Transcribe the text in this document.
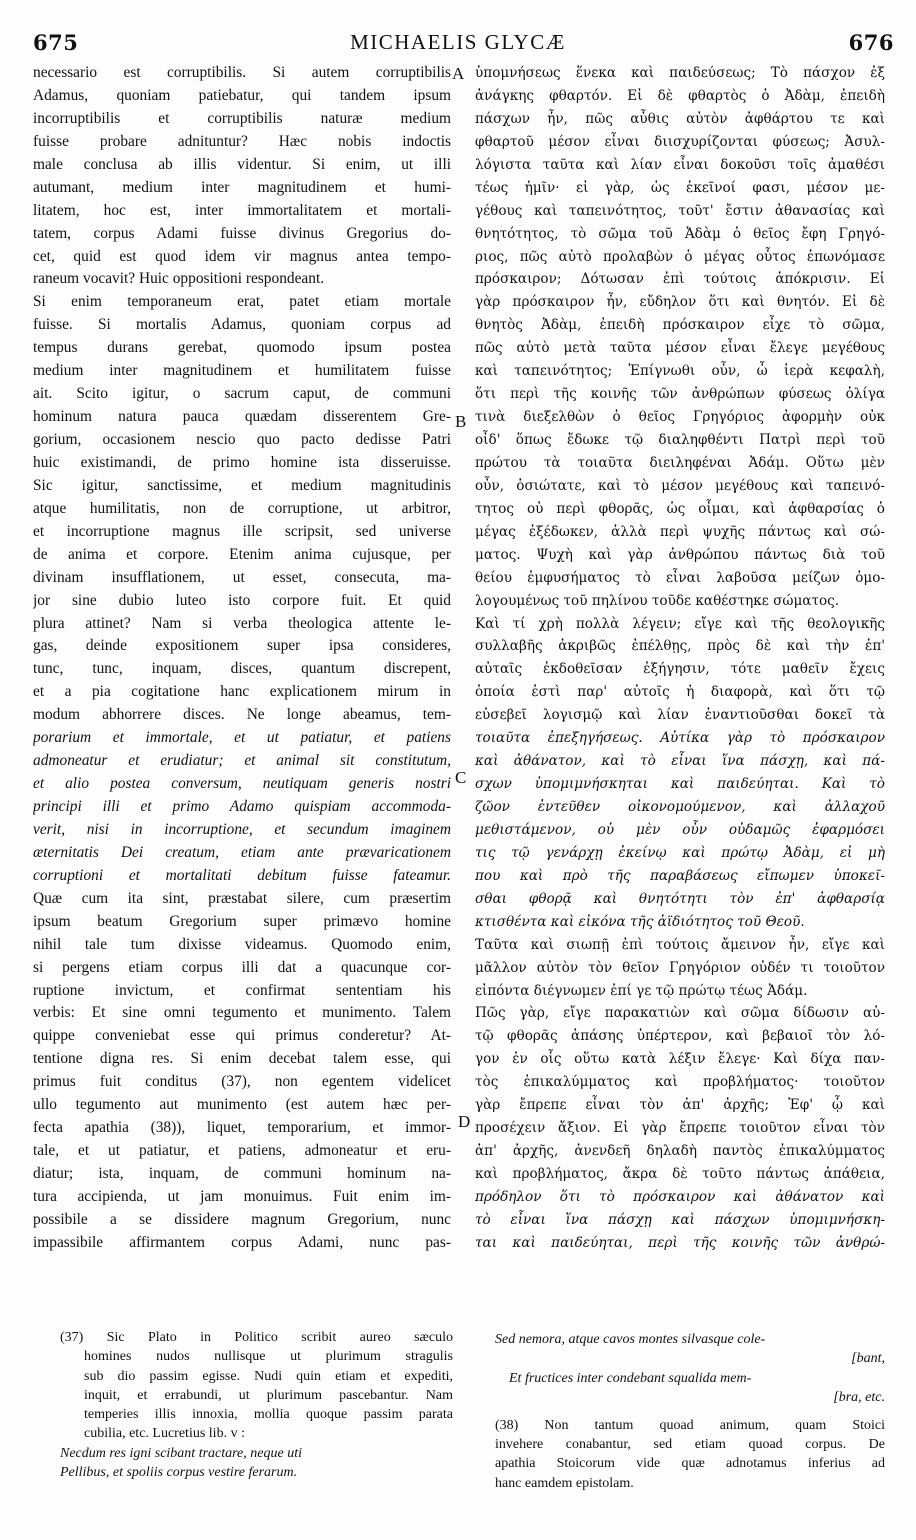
675	MICHAELIS GLYCÆ	676
necessario est corruptibilis. Si autem corruptibilis
Adamus, quoniam patiebatur, qui tandem ipsum
incorruptibilis et corruptibilis naturæ medium
fuisse probare adnituntur? Hæc nobis indoctis
male conclusa ab illis videntur. Si enim, ut illi
autumant, medium inter magnitudinem et humi-
litatem, hoc est, inter immortalitatem et mortali-
tatem, corpus Adami fuisse divinus Gregorius do-
cet, quid est quod idem vir magnus antea tempo-
raneum vocavit? Huic oppositioni respondeant.
Si enim temporaneum erat, patet etiam mortale
fuisse. Si mortalis Adamus, quoniam corpus ad
tempus durans gerebat, quomodo ipsum postea
medium inter magnitudinem et humilitatem fuisse
ait. Scito igitur, o sacrum caput, de communi
hominum natura pauca quædam disserentem Gre-
gorium, occasionem nescio quo pacto dedisse Patri
huic existimandi, de primo homine ista disseruisse.
Sic igitur, sanctissime, et medium magnitudinis
atque humilitatis, non de corruptione, ut arbitror,
et incorruptione magnus ille scripsit, sed universe
de anima et corpore. Etenim anima cujusque, per
divinam insufflationem, ut esset, consecuta, ma-
jor sine dubio luteo isto corpore fuit. Et quid
plura attinet? Nam si verba theologica attente le-
gas, deinde expositionem super ipsa consideres,
tunc, tunc, inquam, disces, quantum discrepent,
et a pia cogitatione hanc explicationem mirum in
modum abhorrere disces. Ne longe abeamus, tem-
porarium et immortale, et ut patiatur, et patiens
admoneatur et erudiatur; et animal sit constitutum,
et alio postea conversum, neutiquam generis nostri
principi illi et primo Adamo quispiam accommoda-
verit, nisi in incorruptione, et secundum imaginem
æternitatis Dei creatum, etiam ante prævaricationem
corruptioni et mortalitati debitum fuisse fateamur.
Quæ cum ita sint, præstabat silere, cum præsertim
ipsum beatum Gregorium super primævo homine
nihil tale tum dixisse videamus. Quomodo enim,
si pergens etiam corpus illi dat a quacunque cor-
ruptione invictum, et confirmat sententiam his
verbis: Et sine omni tegumento et munimento. Talem
quippe conveniebat esse qui primus conderetur? At-
tentione digna res. Si enim decebat talem esse, qui
primus fuit conditus (37), non egentem videlicet
ullo tegumento aut munimento (est autem hæc per-
fecta apathia (38)), liquet, temporarium, et immor-
tale, et ut patiatur, et patiens, admoneatur et eru-
diatur; ista, inquam, de communi hominum na-
tura accipienda, ut jam monuimus. Fuit enim im-
possibile a se dissidere magnum Gregorium, nunc
impassibile affirmantem corpus Adami, nunc pas-
ὑπομνήσεως ἕνεκα καὶ παιδεύσεως; Τὸ πάσχον ἐξ
ἀνάγκης φθαρτόν. Εἰ δὲ φθαρτὸς ὁ Ἀδὰμ, ἐπειδὴ
πάσχων ἦν, πῶς αὖθις αὐτὸν ἀφθάρτου τε καὶ
φθαρτοῦ μέσον εἶναι διισχυρίζονται φύσεως; Ἀσυλ-
λόγιστα ταῦτα καὶ λίαν εἶναι δοκοῦσι τοῖς ἀμαθέσι
τέως ἡμῖν· εἰ γὰρ, ὡς ἐκεῖνοί φασι, μέσον με-
γέθους καὶ ταπεινότητος, τοῦτ' ἔστιν ἀθανασίας καὶ
θνητότητος, τὸ σῶμα τοῦ Ἀδὰμ ὁ θεῖος ἔφη Γρηγό-
ριος, πῶς αὐτὸ προλαβὼν ὁ μέγας οὗτος ἐπωνόμασε
πρόσκαιρον; Δότωσαν ἐπὶ τούτοις ἀπόκρισιν. Εἰ
γὰρ πρόσκαιρον ἦν, εὔδηλον ὅτι καὶ θνητόν. Εἰ δὲ
θνητὸς Ἀδὰμ, ἐπειδὴ πρόσκαιρον εἶχε τὸ σῶμα,
πῶς αὐτὸ μετὰ ταῦτα μέσον εἶναι ἔλεγε μεγέθους
καὶ ταπεινότητος; Ἐπίγνωθι οὖν, ὦ ἱερὰ κεφαλὴ,
ὅτι περὶ τῆς κοινῆς τῶν ἀνθρώπων φύσεως ὀλίγα
τινὰ διεξελθὼν ὁ θεῖος Γρηγόριος ἀφορμὴν οὐκ
οἶδ' ὅπως ἔδωκε τῷ διαληφθέντι Πατρὶ περὶ τοῦ
πρώτου τὰ τοιαῦτα διειληφέναι Ἀδάμ. Οὕτω μὲν
οὖν, ὁσιώτατε, καὶ τὸ μέσον μεγέθους καὶ ταπεινό-
τητος οὐ περὶ φθορᾶς, ὡς οἶμαι, καὶ ἀφθαρσίας ὁ
μέγας ἐξέδωκεν, ἀλλὰ περὶ ψυχῆς πάντως καὶ σώ-
ματος. Ψυχὴ καὶ γὰρ ἀνθρώπου πάντως διὰ τοῦ
θείου ἐμφυσήματος τὸ εἶναι λαβοῦσα μείζων ὁμο-
λογουμένως τοῦ πηλίνου τοῦδε καθέστηκε σώματος.
Καὶ τί χρὴ πολλὰ λέγειν; εἴγε καὶ τῆς θεολογικῆς
συλλαβῆς ἀκριβῶς ἐπέλθῃς, πρὸς δὲ καὶ τὴν ἐπ'
αὐταῖς ἐκδοθεῖσαν ἐξήγησιν, τότε μαθεῖν ἔχεις
ὁποία ἐστὶ παρ' αὐτοῖς ἡ διαφορὰ, καὶ ὅτι τῷ
εὐσεβεῖ λογισμῷ καὶ λίαν ἐναντιοῦσθαι δοκεῖ τὰ
τοιαῦτα ἐπεξηγήσεως. Αὐτίκα γὰρ τὸ πρόσκαιρον
καὶ ἀθάνατον, καὶ τὸ εἶναι ἵνα πάσχῃ, καὶ πά-
σχων ὑπομιμνήσκηται καὶ παιδεύηται. Καὶ τὸ
ζῶον ἐντεῦθεν οἰκονομούμενον, καὶ ἀλλαχοῦ
μεθιστάμενον, οὐ μὲν οὖν οὐδαμῶς ἐφαρμόσει
τις τῷ γενάρχῃ ἐκείνῳ καὶ πρώτῳ Ἀδὰμ, εἰ μὴ
που καὶ πρὸ τῆς παραβάσεως εἴπωμεν ὑποκεῖ-
σθαι φθορᾷ καὶ θνητότητι τὸν ἐπ' ἀφθαρσίᾳ
κτισθέντα καὶ εἰκόνα τῆς ἀϊδιότητος τοῦ Θεοῦ.
Ταῦτα καὶ σιωπῇ ἐπὶ τούτοις ἄμεινον ἦν, εἴγε καὶ
μᾶλλον αὐτὸν τὸν θεῖον Γρηγόριον οὐδέν τι τοιοῦτον
εἰπόντα διέγνωμεν ἐπί γε τῷ πρώτῳ τέως Ἀδάμ.
Πῶς γὰρ, εἴγε παρακατιὼν καὶ σῶμα δίδωσιν αὐ-
τῷ φθορᾶς ἁπάσης ὑπέρτερον, καὶ βεβαιοῖ τὸν λό-
γον ἐν οἷς οὕτω κατὰ λέξιν ἔλεγε· Καὶ δίχα παν-
τὸς ἐπικαλύμματος καὶ προβλήματος· τοιοῦτον
γὰρ ἔπρεπε εἶναι τὸν ἀπ' ἀρχῆς; Ἐφ' ᾧ καὶ
προσέχειν ἄξιον. Εἰ γὰρ ἔπρεπε τοιοῦτον εἶναι τὸν
ἀπ' ἀρχῆς, ἀνενδεῆ δηλαδὴ παντὸς ἐπικαλύμματος
καὶ προβλήματος, ἄκρα δὲ τοῦτο πάντως ἀπάθεια,
πρόδηλον ὅτι τὸ πρόσκαιρον καὶ ἀθάνατον καὶ
τὸ εἶναι ἵνα πάσχῃ καὶ πάσχων ὑπομιμνήσκη-
ται καὶ παιδεύηται, περὶ τῆς κοινῆς τῶν ἀνθρώ-
A
B
C
D
(37) Sic Plato in Politico scribit aureo sæculo
homines nudos nullisque ut plurimum stragulis
sub dio passim egisse. Nudi quin etiam et expediti,
inquit, et errabundi, ut plurimum pascebantur. Nam
temperies illis innoxia, mollia quoque passim parata
cubilia, etc. Lucretius lib. v :
Necdum res igni scibant tractare, neque uti
Pellibus, et spoliis corpus vestire ferarum.
Sed nemora, atque cavos montes silvasque cole-
[bant,
Et fructices inter condebant squalida mem-
[bra, etc.
(38) Non tantum quoad animum, quam Stoici
invehere conabantur, sed etiam quoad corpus. De
apathia Stoicorum vide quæ adnotamus inferius ad
hanc eamdem epistolam.
